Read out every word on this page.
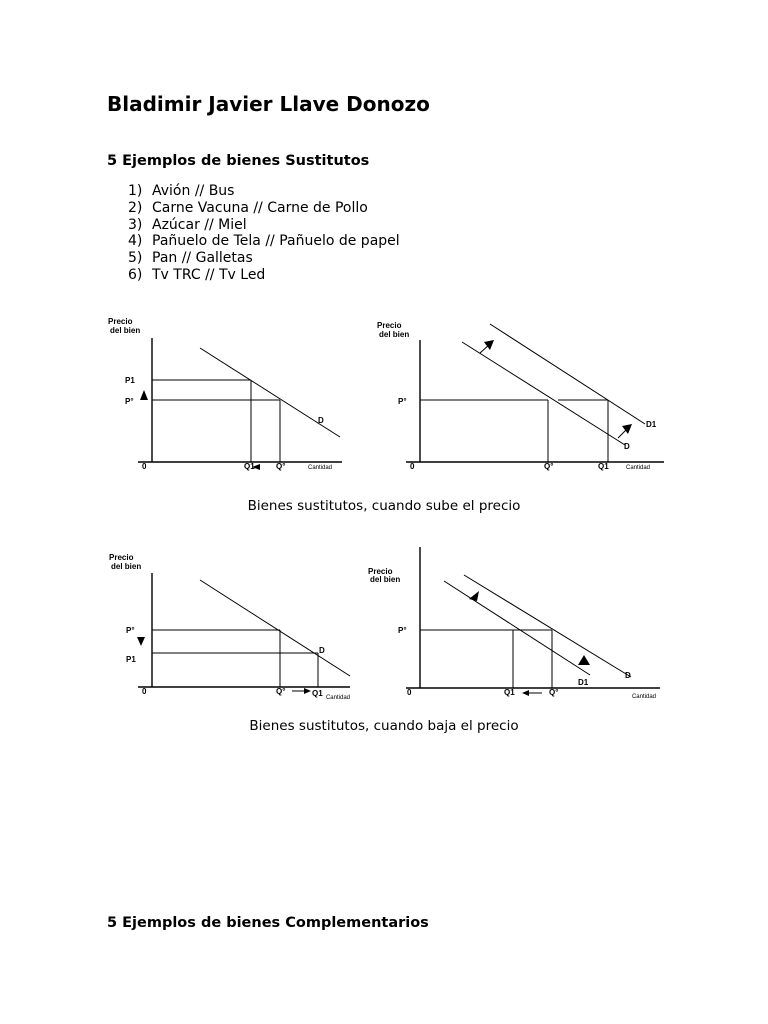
Bladimir Javier Llave Donozo
5 Ejemplos de bienes Sustitutos
1) Avión // Bus
2) Carne Vacuna // Carne de Pollo
3) Azúcar // Miel
4) Pañuelo de Tela // Pañuelo de papel
5) Pan // Galletas
6) Tv TRC // Tv Led
Precio
del bien
P1
P°
0	Q1	Q°
D
Cantidad
Precio
del bien
P°
0	Q°	Q1
D
D1
Cantidad
Bienes sustitutos, cuando sube el precio
Precio
del bien
P°
P1
0	Q°	Q1
D
Cantidad
Precio
del bien
P°
0	Q1	Q°
D1
D
Cantidad
Bienes sustitutos, cuando baja el precio
5 Ejemplos de bienes Complementarios
